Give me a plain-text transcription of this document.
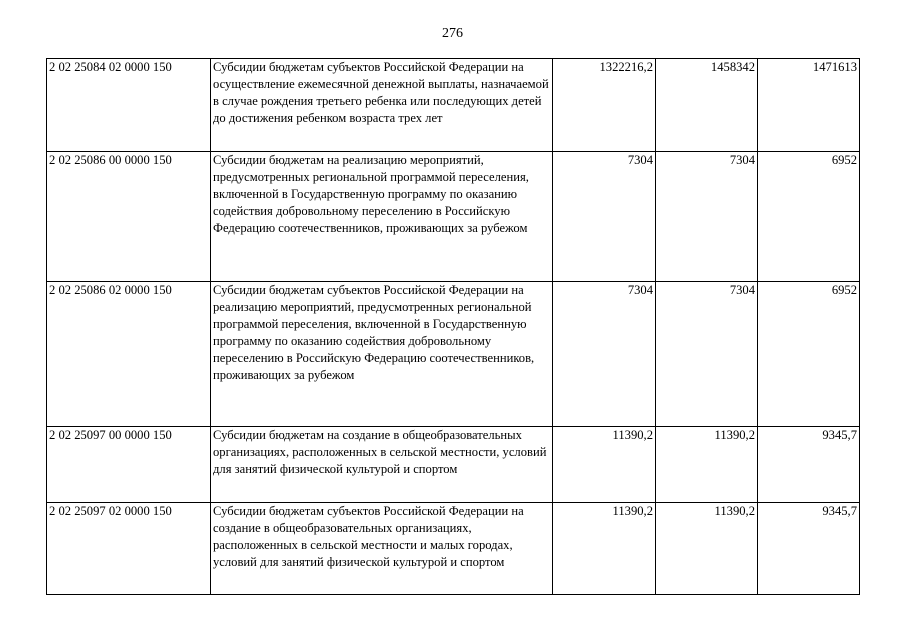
276
2 02 25084 02 0000 150	Субсидии бюджетам субъектов Российской Федерации на осуществление ежемесячной денежной выплаты, назначаемой в случае рождения третьего ребенка или последующих детей до достижения ребенком возраста трех лет	1322216,2	1458342	1471613
2 02 25086 00 0000 150	Субсидии бюджетам на реализацию мероприятий, предусмотренных региональной программой переселения, включенной в Государственную программу по оказанию содействия добровольному переселению в Российскую Федерацию соотечественников, проживающих за рубежом	7304	7304	6952
2 02 25086 02 0000 150	Субсидии бюджетам субъектов Российской Федерации на реализацию мероприятий, предусмотренных региональной программой переселения, включенной в Государственную программу по оказанию содействия добровольному переселению в Российскую Федерацию соотечественников, проживающих за рубежом	7304	7304	6952
2 02 25097 00 0000 150	Субсидии бюджетам на создание в общеобразовательных организациях, расположенных в сельской местности, условий для занятий физической культурой и спортом	11390,2	11390,2	9345,7
2 02 25097 02 0000 150	Субсидии бюджетам субъектов Российской Федерации на создание в общеобразовательных организациях, расположенных в сельской местности и малых городах, условий для занятий физической культурой и спортом	11390,2	11390,2	9345,7
